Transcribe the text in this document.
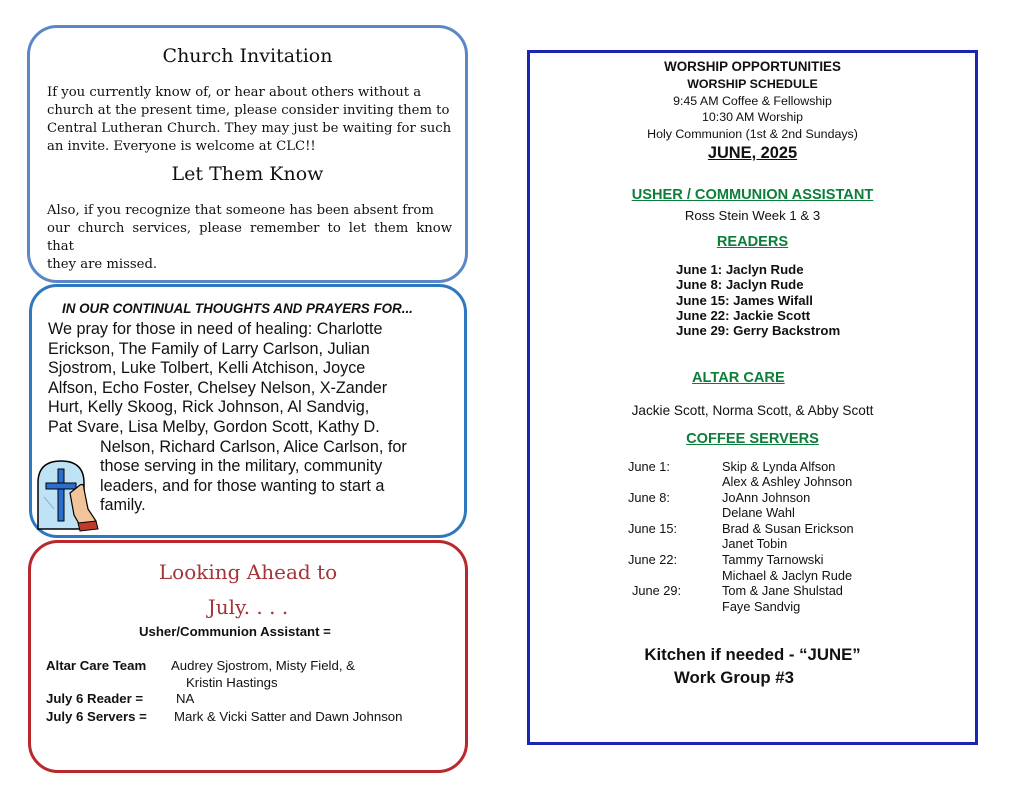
Church Invitation
If you currently know of, or hear about others without a
church at the present time, please consider inviting them to
Central Lutheran Church. They may just be waiting for such
an invite. Everyone is welcome at CLC!!
Let Them Know
Also, if you recognize that someone has been absent from
our church services, please remember to let them know that
they are missed.
IN OUR CONTINUAL THOUGHTS AND PRAYERS FOR...
We pray for those in need of healing: Charlotte
Erickson, The Family of Larry Carlson, Julian
Sjostrom, Luke Tolbert, Kelli Atchison, Joyce
Alfson, Echo Foster, Chelsey Nelson, X-Zander
Hurt, Kelly Skoog, Rick Johnson, Al Sandvig,
Pat Svare, Lisa Melby, Gordon Scott, Kathy D.
Nelson, Richard Carlson, Alice Carlson, for
those serving in the military, community
leaders, and for those wanting to start a
family.
Looking Ahead to
July. . . .
Usher/Communion Assistant =
Altar Care Team Audrey Sjostrom, Misty Field, &
Kristin Hastings
July 6 Reader = NA
July 6 Servers = Mark & Vicki Satter and Dawn Johnson
WORSHIP OPPORTUNITIES
WORSHIP SCHEDULE
9:45 AM Coffee & Fellowship
10:30 AM Worship
Holy Communion (1st & 2nd Sundays)
JUNE, 2025
USHER / COMMUNION ASSISTANT
Ross Stein Week 1 & 3
READERS
June 1: Jaclyn Rude
June 8: Jaclyn Rude
June 15: James Wifall
June 22: Jackie Scott
June 29: Gerry Backstrom
ALTAR CARE
Jackie Scott, Norma Scott, & Abby Scott
COFFEE SERVERS
June 1:	Skip & Lynda Alfson
Alex & Ashley Johnson
June 8:	JoAnn Johnson
Delane Wahl
June 15:	Brad & Susan Erickson
Janet Tobin
June 22:	Tammy Tarnowski
Michael & Jaclyn Rude
June 29:	Tom & Jane Shulstad
Faye Sandvig
Kitchen if needed - “JUNE”
Work Group #3
